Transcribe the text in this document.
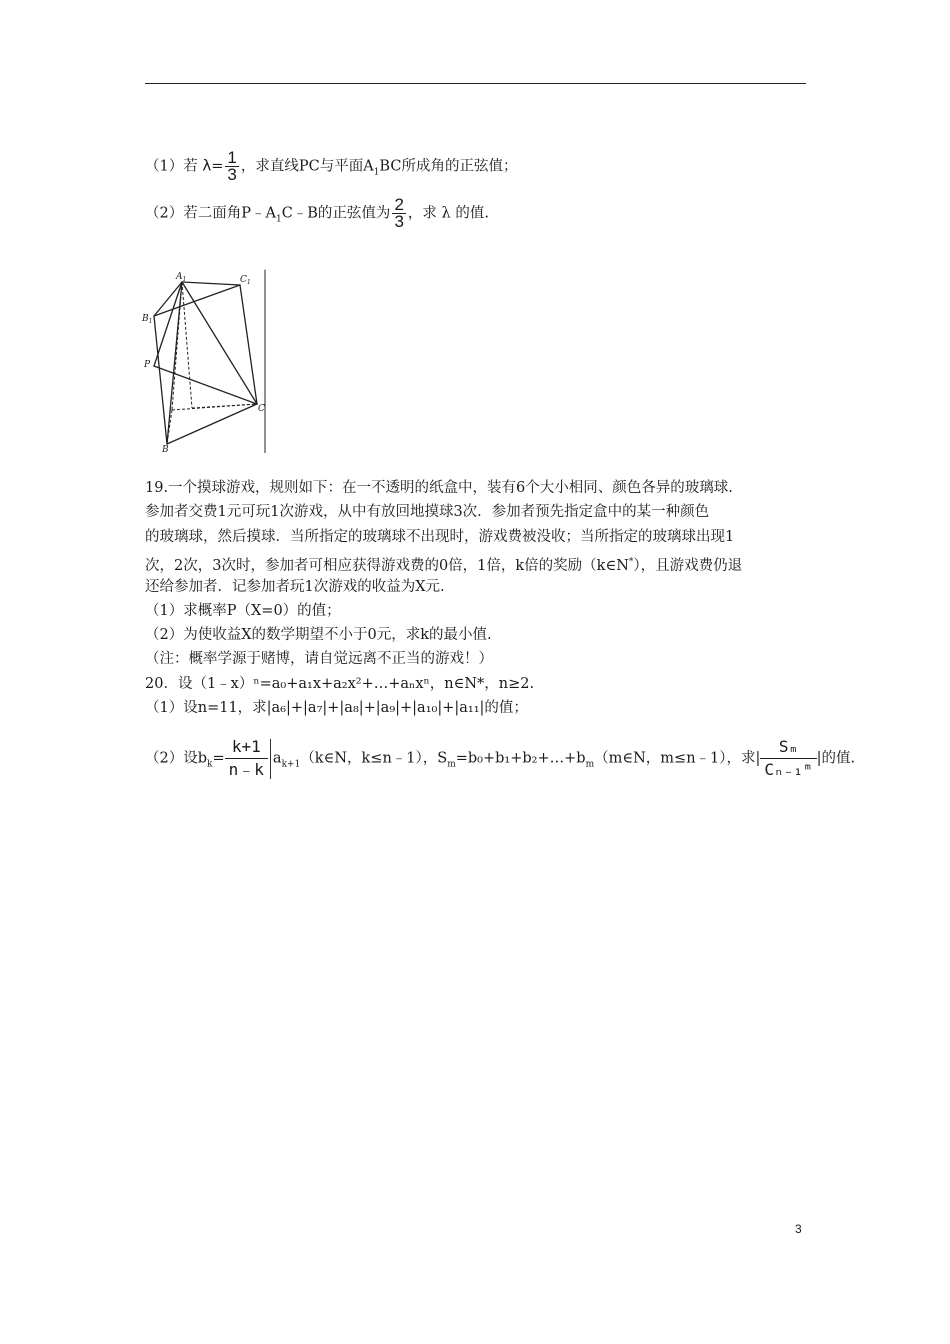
（1）若 $\lambda= \frac{1}{3}$ ，求直线PC与平面$A_1BC$所成角的正弦值；
（2）若二面角$P﹣A_1C﹣B$的正弦值为 $\frac{2}{3}$ ，求 λ 的值.
$A_1$	$C_1$
$B_1$
P
C
B
19.一个摸球游戏，规则如下：在一不透明的纸盒中，装有6个大小相同、颜色各异的玻璃球.
参加者交费1元可玩1次游戏，从中有放回地摸球3次．参加者预先指定盒中的某一种颜色
的玻璃球，然后摸球．当所指定的玻璃球不出现时，游戏费被没收；当所指定的玻璃球出现1
次，2次，3次时，参加者可相应获得游戏费的0倍，1倍，k倍的奖励（k∈N*），且游戏费仍退
还给参加者．记参加者玩1次游戏的收益为X元.
（1）求概率P（X=0）的值；
（2）为使收益X的数学期望不小于0元，求k的最小值.
（注：概率学源于赌博，请自觉远离不正当的游戏！）
20．设（1﹣x）ⁿ=a₀+a₁x+a₂x²+…+aₙxⁿ，n∈N*，n≥2.
（1）设n=11，求|a₆|+|a₇|+|a₈|+|a₉|+|a₁₀|+|a₁₁|的值；
（2）设$b_k= \frac{k+1}{n﹣k}$ $a_{k+1}(k\in N$，k≤n﹣1），$S_m=b_0+b_1+b_2+\dots+b_m(m\in N$，m≤n﹣1），求| $\frac{\text{Sₘ}}{\text{Cₙ₋₁ᵐ}}$ |的值.
3
